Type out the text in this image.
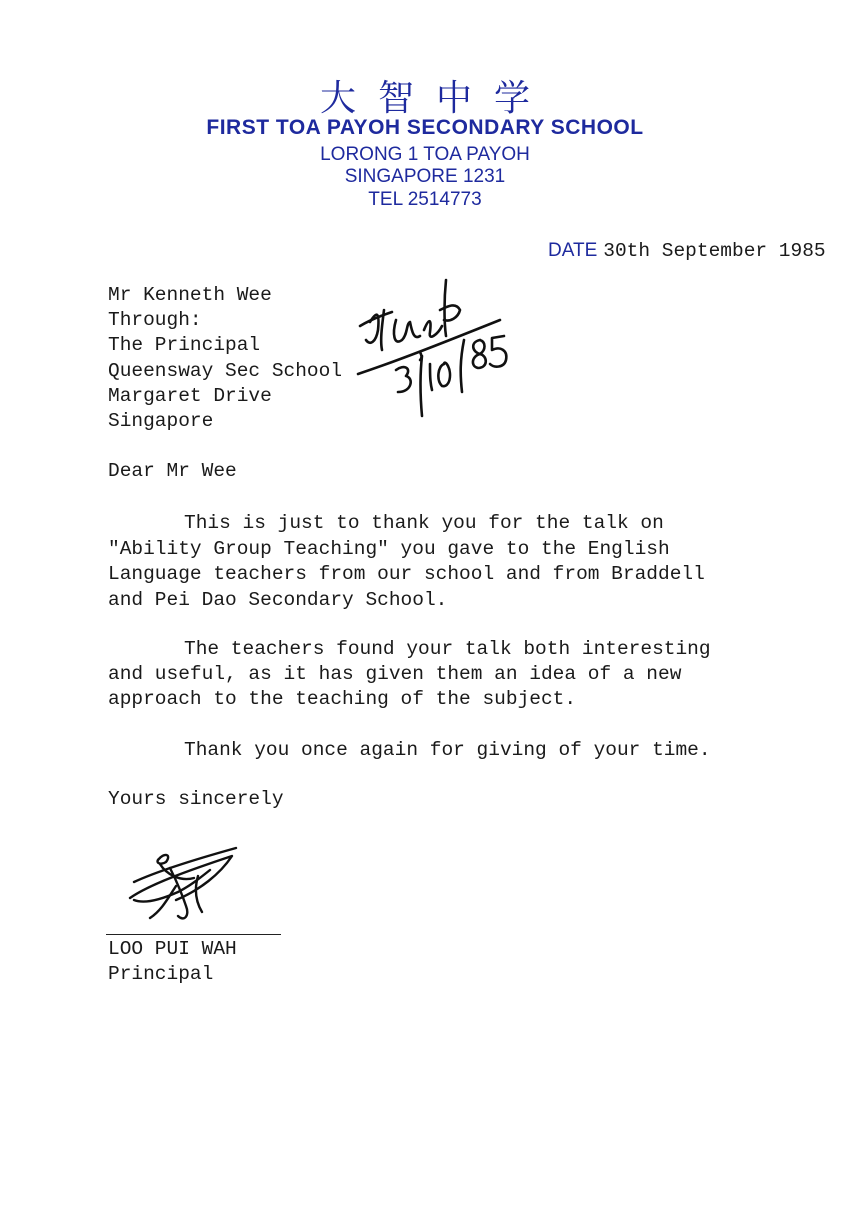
大智中学
FIRST TOA PAYOH SECONDARY SCHOOL
LORONG 1 TOA PAYOH
SINGAPORE 1231
TEL 2514773
DATE 30th September 1985
Mr Kenneth Wee
Through:
The Principal
Queensway Sec School
Margaret Drive
Singapore
Dear Mr Wee
This is just to thank you for the talk on
"Ability Group Teaching" you gave to the English
Language teachers from our school and from Braddell
and Pei Dao Secondary School.
The teachers found your talk both interesting
and useful, as it has given them an idea of a new
approach to the teaching of the subject.
Thank you once again for giving of your time.
Yours sincerely
LOO PUI WAH
Principal
